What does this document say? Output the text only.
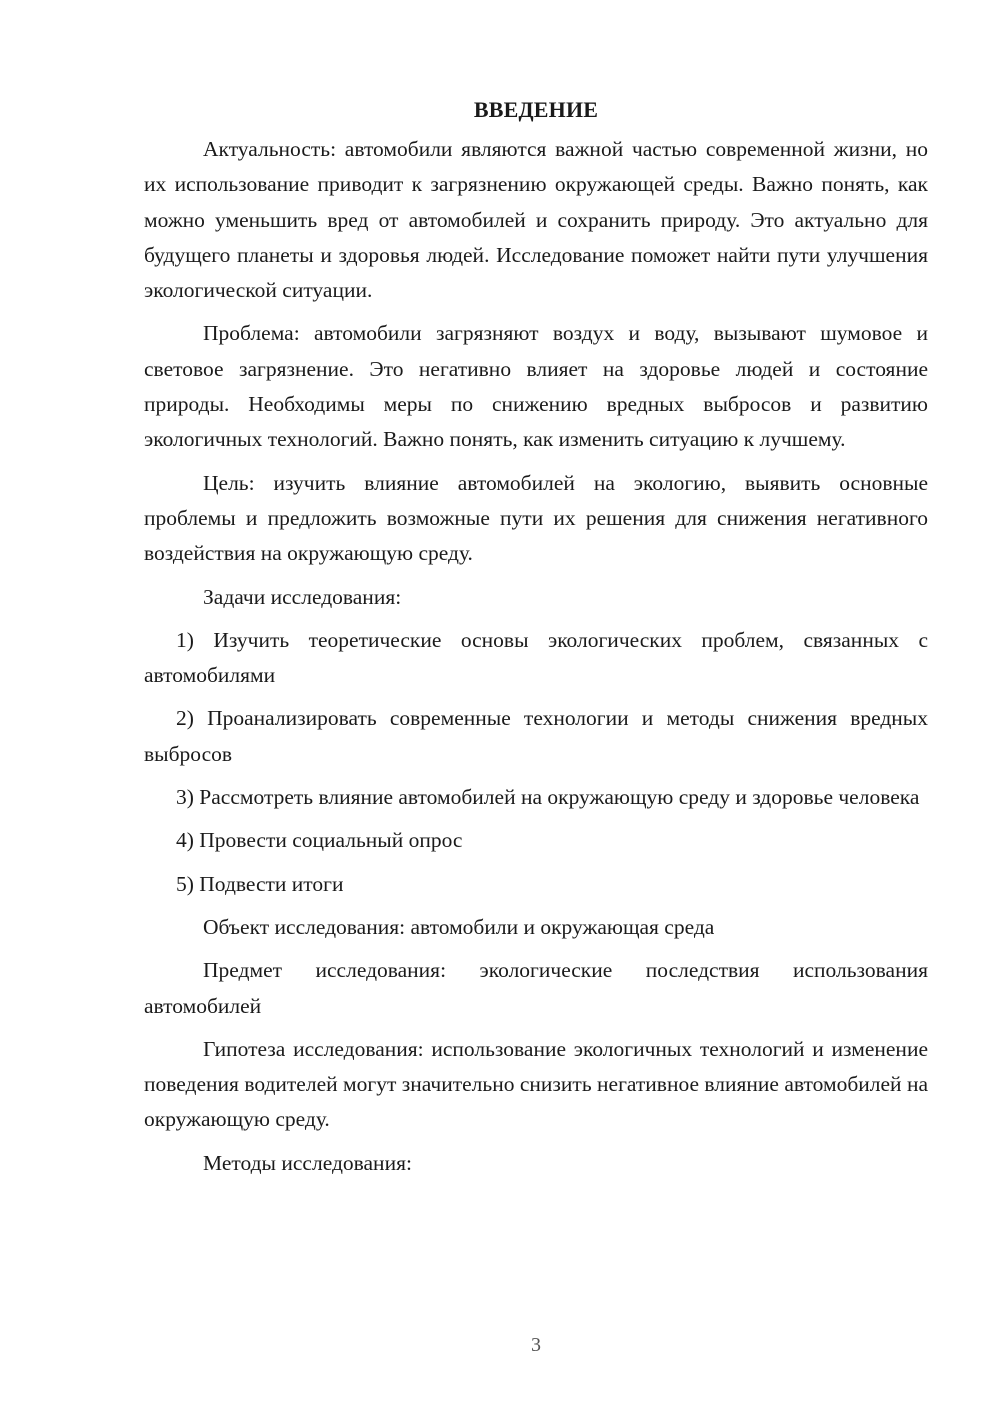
ВВЕДЕНИЕ

Актуальность: автомобили являются важной частью современной жизни, но их использование приводит к загрязнению окружающей среды. Важно понять, как можно уменьшить вред от автомобилей и сохранить природу. Это актуально для будущего планеты и здоровья людей. Исследование поможет найти пути улучшения экологической ситуации.

Проблема: автомобили загрязняют воздух и воду, вызывают шумовое и световое загрязнение. Это негативно влияет на здоровье людей и состояние природы. Необходимы меры по снижению вредных выбросов и развитию экологичных технологий. Важно понять, как изменить ситуацию к лучшему.

Цель: изучить влияние автомобилей на экологию, выявить основные проблемы и предложить возможные пути их решения для снижения негативного воздействия на окружающую среду.

Задачи исследования:

1) Изучить теоретические основы экологических проблем, связанных с автомобилями

2) Проанализировать современные технологии и методы снижения вредных выбросов

3) Рассмотреть влияние автомобилей на окружающую среду и здоровье человека

4) Провести социальный опрос

5) Подвести итоги

Объект исследования: автомобили и окружающая среда

Предмет исследования: экологические последствия использования автомобилей

Гипотеза исследования: использование экологичных технологий и изменение поведения водителей могут значительно снизить негативное влияние автомобилей на окружающую среду.

Методы исследования:

3
